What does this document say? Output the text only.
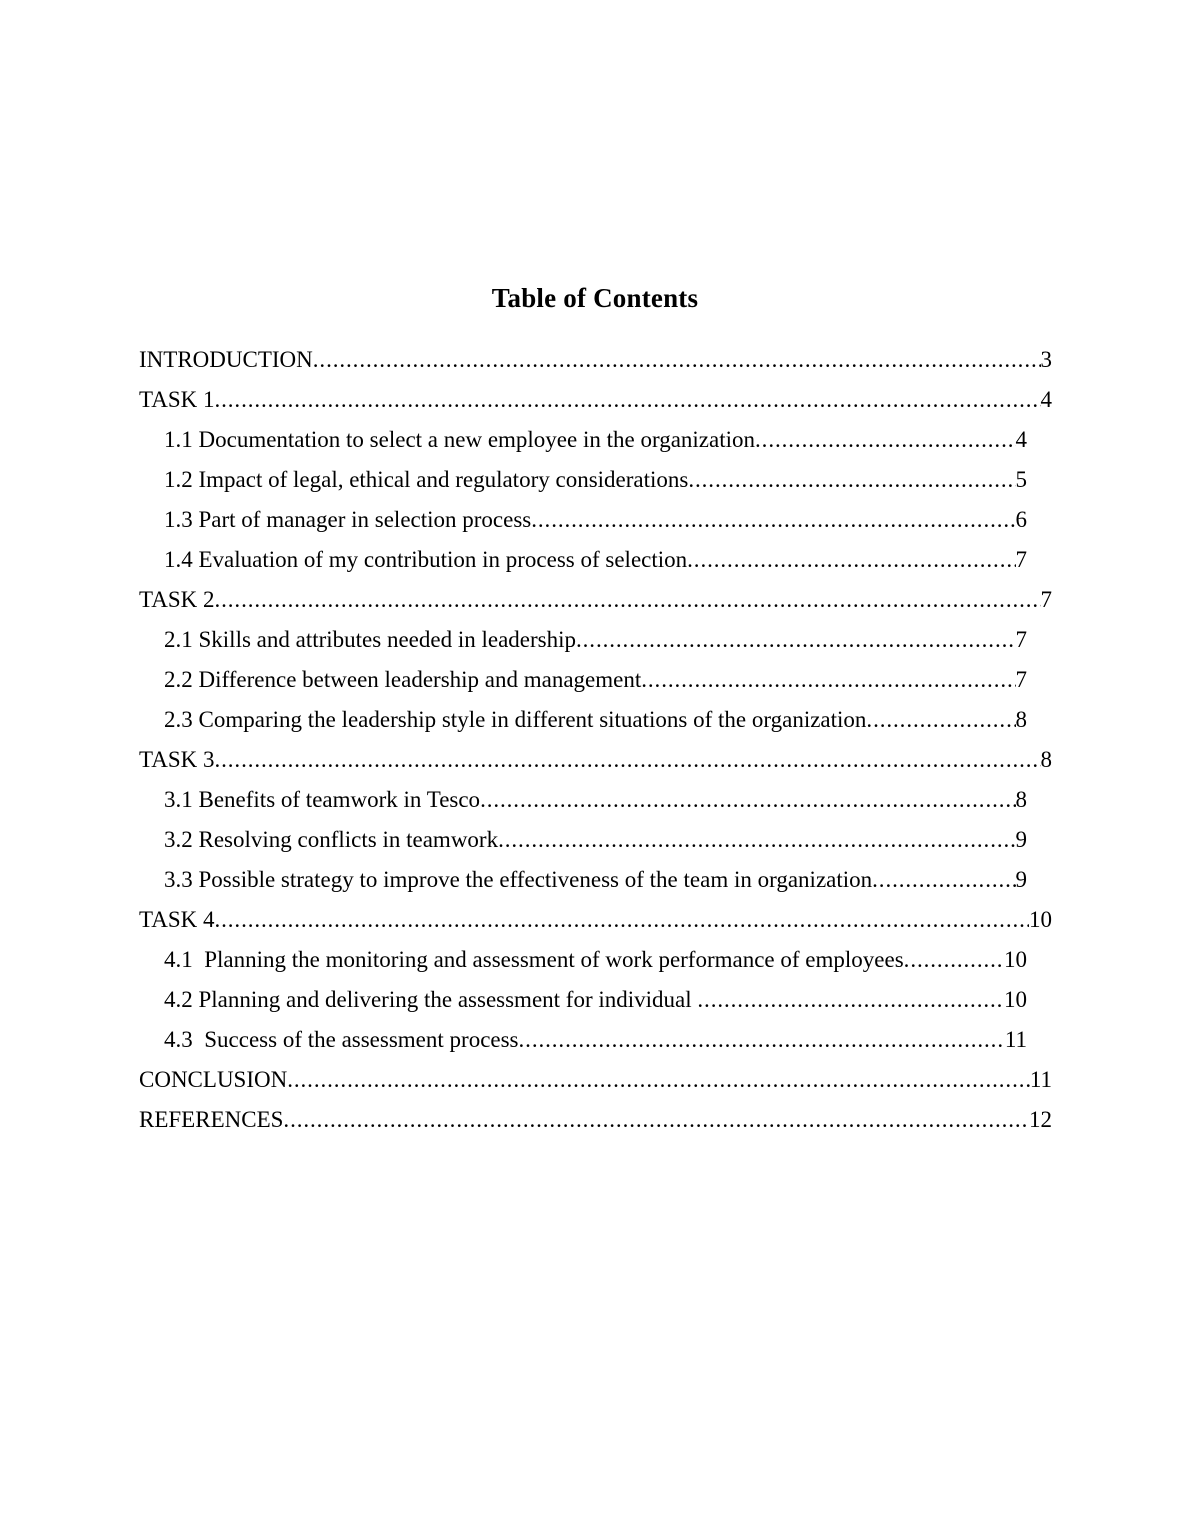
Table of Contents
INTRODUCTION .....	3
TASK 1 .....	4
1.1 Documentation to select a new employee in the organization .....	4
1.2 Impact of legal, ethical and regulatory considerations .....	5
1.3 Part of manager in selection process .....	6
1.4 Evaluation of my contribution in process of selection .....	7
TASK 2 .....	7
2.1 Skills and attributes needed in leadership .....	7
2.2 Difference between leadership and management .....	7
2.3 Comparing the leadership style in different situations of the organization .....	8
TASK 3 .....	8
3.1 Benefits of teamwork in Tesco .....	8
3.2 Resolving conflicts in teamwork .....	9
3.3 Possible strategy to improve the effectiveness of the team in organization .....	9
TASK 4 .....	10
4.1  Planning the monitoring and assessment of work performance of employees .....	10
4.2 Planning and delivering the assessment for individual .....	10
4.3  Success of the assessment process .....	11
CONCLUSION .....	11
REFERENCES .....	12
